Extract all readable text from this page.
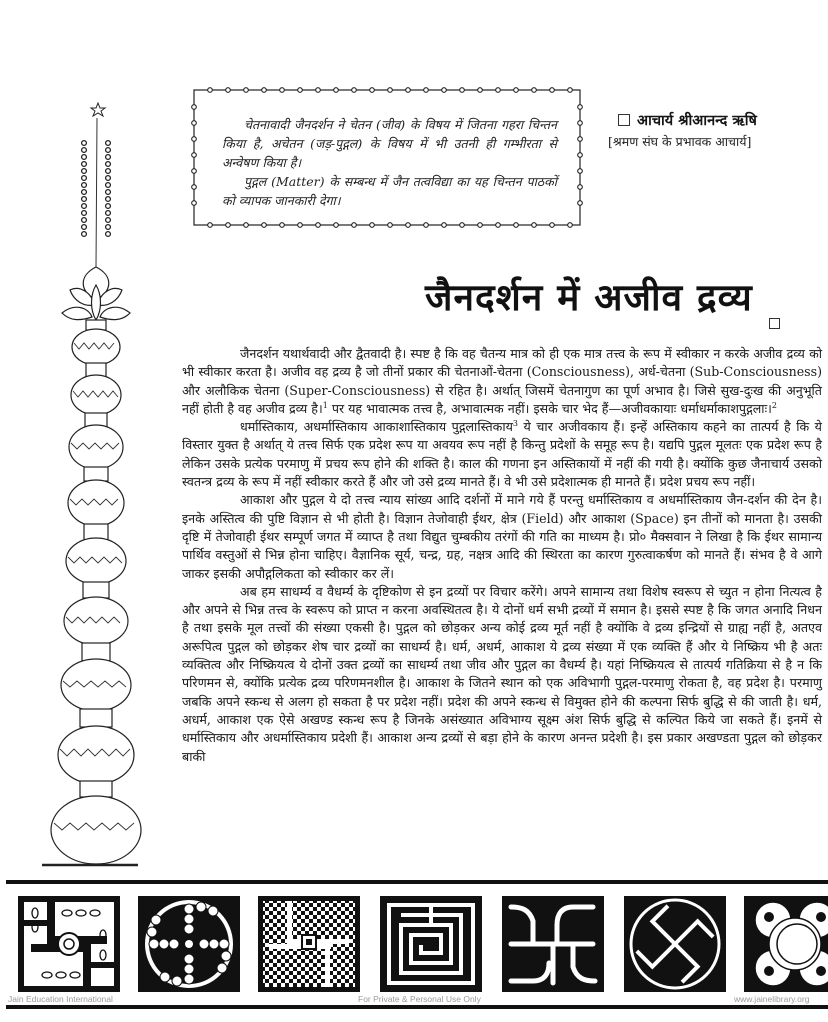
चेतनावादी जैनदर्शन ने चेतन (जीव) के विषय में जितना गहरा चिन्तन किया है, अचेतन (जड़-पुद्गल) के विषय में भी उतनी ही गम्भीरता से अन्वेषण किया है।

पुद्गल (Matter) के सम्बन्ध में जैन तत्वविद्या का यह चिन्तन पाठकों को व्यापक जानकारी देगा।

आचार्य श्रीआनन्द ऋषि
[श्रमण संघ के प्रभावक आचार्य]
जैनदर्शन में अजीव द्रव्य

जैनदर्शन यथार्थवादी और द्वैतवादी है। स्पष्ट है कि वह चैतन्य मात्र को ही एक मात्र तत्त्व के रूप में स्वीकार न करके अजीव द्रव्य को भी स्वीकार करता है। अजीव वह द्रव्य है जो तीनों प्रकार की चेतनाओं-चेतना (Consciousness), अर्ध-चेतना (Sub-Consciousness) और अलौकिक चेतना (Super-Consciousness) से रहित है। अर्थात् जिसमें चेतनागुण का पूर्ण अभाव है। जिसे सुख-दुःख की अनुभूति नहीं होती है वह अजीव द्रव्य है।$^1$ पर यह भावात्मक तत्त्व है, अभावात्मक नहीं। इसके चार भेद हैं—अजीवकायाः धर्माधर्माकाशपुद्गलाः।$^2$

धर्मास्तिकाय, अधर्मास्तिकाय आकाशास्तिकाय पुद्गलास्तिकाय$^3$ ये चार अजीवकाय हैं। इन्हें अस्तिकाय कहने का तात्पर्य है कि ये विस्तार युक्त है अर्थात् ये तत्त्व सिर्फ एक प्रदेश रूप या अवयव रूप नहीं है किन्तु प्रदेशों के समूह रूप है। यद्यपि पुद्गल मूलतः एक प्रदेश रूप है लेकिन उसके प्रत्येक परमाणु में प्रचय रूप होने की शक्ति है। काल की गणना इन अस्तिकायों में नहीं की गयी है। क्योंकि कुछ जैनाचार्य उसको स्वतन्त्र द्रव्य के रूप में नहीं स्वीकार करते हैं और जो उसे द्रव्य मानते हैं। वे भी उसे प्रदेशात्मक ही मानते हैं। प्रदेश प्रचय रूप नहीं।

आकाश और पुद्गल ये दो तत्त्व न्याय सांख्य आदि दर्शनों में माने गये हैं परन्तु धर्मास्तिकाय व अधर्मास्तिकाय जैन-दर्शन की देन है। इनके अस्तित्व की पुष्टि विज्ञान से भी होती है। विज्ञान तेजोवाही ईथर, क्षेत्र (Field) और आकाश (Space) इन तीनों को मानता है। उसकी दृष्टि में तेजोवाही ईथर सम्पूर्ण जगत में व्याप्त है तथा विद्युत चुम्बकीय तरंगों की गति का माध्यम है। प्रो० मैक्सवान ने लिखा है कि ईथर सामान्य पार्थिव वस्तुओं से भिन्न होना चाहिए। वैज्ञानिक सूर्य, चन्द्र, ग्रह, नक्षत्र आदि की स्थिरता का कारण गुरुत्वाकर्षण को मानते हैं। संभव है वे आगे जाकर इसकी अपौद्गलिकता को स्वीकार कर लें।

अब हम साधर्म्य व वैधर्म्य के दृष्टिकोण से इन द्रव्यों पर विचार करेंगे। अपने सामान्य तथा विशेष स्वरूप से च्युत न होना नित्यत्व है और अपने से भिन्न तत्त्व के स्वरूप को प्राप्त न करना अवस्थितत्व है। ये दोनों धर्म सभी द्रव्यों में समान है। इससे स्पष्ट है कि जगत अनादि निधन है तथा इसके मूल तत्त्वों की संख्या एकसी है। पुद्गल को छोड़कर अन्य कोई द्रव्य मूर्त नहीं है क्योंकि वे द्रव्य इन्द्रियों से ग्राह्य नहीं है, अतएव अरूपित्व पुद्गल को छोड़कर शेष चार द्रव्यों का साधर्म्य है। धर्म, अधर्म, आकाश ये द्रव्य संख्या में एक व्यक्ति हैं और ये निष्क्रिय भी है अतः व्यक्तित्व और निष्क्रियत्व ये दोनों उक्त द्रव्यों का साधर्म्य तथा जीव और पुद्गल का वैधर्म्य है। यहां निष्क्रियत्व से तात्पर्य गतिक्रिया से है न कि परिणमन से, क्योंकि प्रत्येक द्रव्य परिणमनशील है। आकाश के जितने स्थान को एक अविभागी पुद्गल-परमाणु रोकता है, वह प्रदेश है। परमाणु जबकि अपने स्कन्ध से अलग हो सकता है पर प्रदेश नहीं। प्रदेश की अपने स्कन्ध से विमुक्त होने की कल्पना सिर्फ बुद्धि से की जाती है। धर्म, अधर्म, आकाश एक ऐसे अखण्ड स्कन्ध रूप है जिनके असंख्यात अविभाग्य सूक्ष्म अंश सिर्फ बुद्धि से कल्पित किये जा सकते हैं। इनमें से धर्मास्तिकाय और अधर्मास्तिकाय प्रदेशी हैं। आकाश अन्य द्रव्यों से बड़ा होने के कारण अनन्त प्रदेशी है। इस प्रकार अखण्डता पुद्गल को छोड़कर बाकी

Jain Education International	For Private & Personal Use Only	www.jainelibrary.org
